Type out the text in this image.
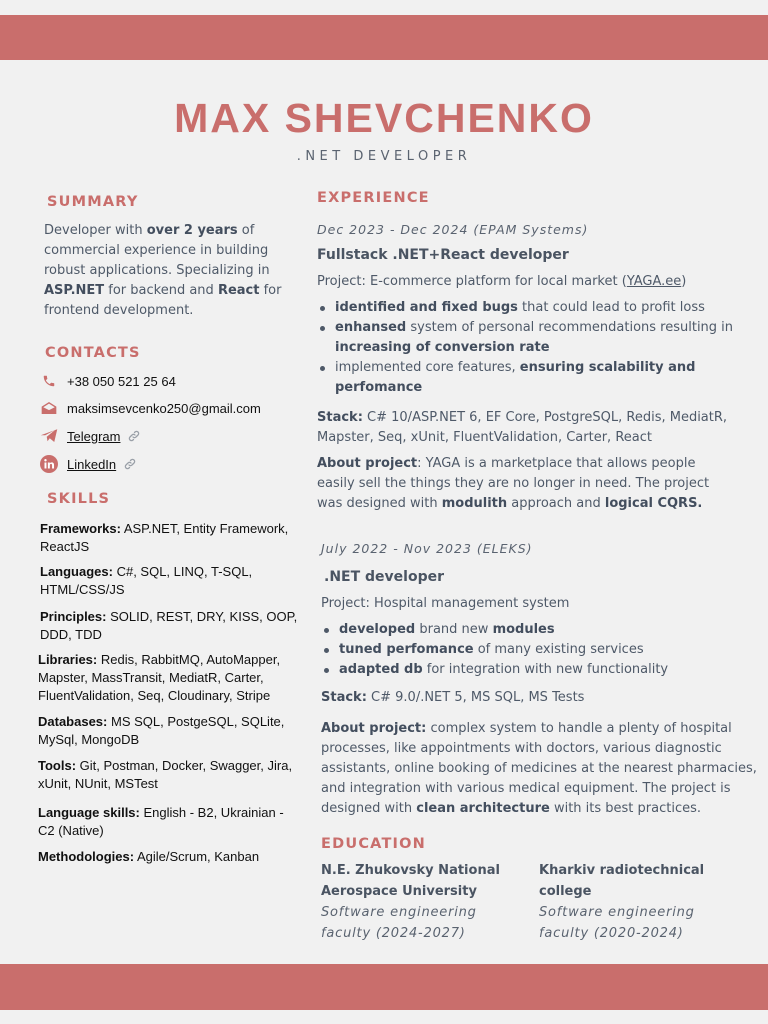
MAX SHEVCHENKO
.NET DEVELOPER
SUMMARY
Developer with over 2 years of commercial experience in building robust applications. Specializing in ASP.NET for backend and React for frontend development.
CONTACTS
+38 050 521 25 64
maksimsevcenko250@gmail.com
Telegram
LinkedIn
SKILLS
Frameworks: ASP.NET, Entity Framework, ReactJS
Languages: C#, SQL, LINQ, T-SQL, HTML/CSS/JS
Principles: SOLID, REST, DRY, KISS, OOP, DDD, TDD
Libraries: Redis, RabbitMQ, AutoMapper, Mapster, MassTransit, MediatR, Carter, FluentValidation, Seq, Cloudinary, Stripe
Databases: MS SQL, PostgeSQL, SQLite, MySql, MongoDB
Tools: Git, Postman, Docker, Swagger, Jira, xUnit, NUnit, MSTest
Language skills: English - B2, Ukrainian - C2 (Native)
Methodologies: Agile/Scrum, Kanban
EXPERIENCE
Dec 2023 - Dec 2024 (EPAM Systems)
Fullstack .NET+React developer
Project: E-commerce platform for local market (YAGA.ee)
identified and fixed bugs that could lead to profit loss
enhansed system of personal recommendations resulting in increasing of conversion rate
implemented core features, ensuring scalability and perfomance
Stack: C# 10/ASP.NET 6, EF Core, PostgreSQL, Redis, MediatR, Mapster, Seq, xUnit, FluentValidation, Carter, React
About project: YAGA is a marketplace that allows people easily sell the things they are no longer in need. The project was designed with modulith approach and logical CQRS.
July 2022 - Nov 2023 (ELEKS)
.NET developer
Project: Hospital management system
developed brand new modules
tuned perfomance of many existing services
adapted db for integration with new functionality
Stack: C# 9.0/.NET 5, MS SQL, MS Tests
About project: complex system to handle a plenty of hospital processes, like appointments with doctors, various diagnostic assistants, online booking of medicines at the nearest pharmacies, and integration with various medical equipment. The project is designed with clean architecture with its best practices.
EDUCATION
N.E. Zhukovsky National Aerospace University
Software engineering faculty (2024-2027)
Kharkiv radiotechnical college
Software engineering faculty (2020-2024)
